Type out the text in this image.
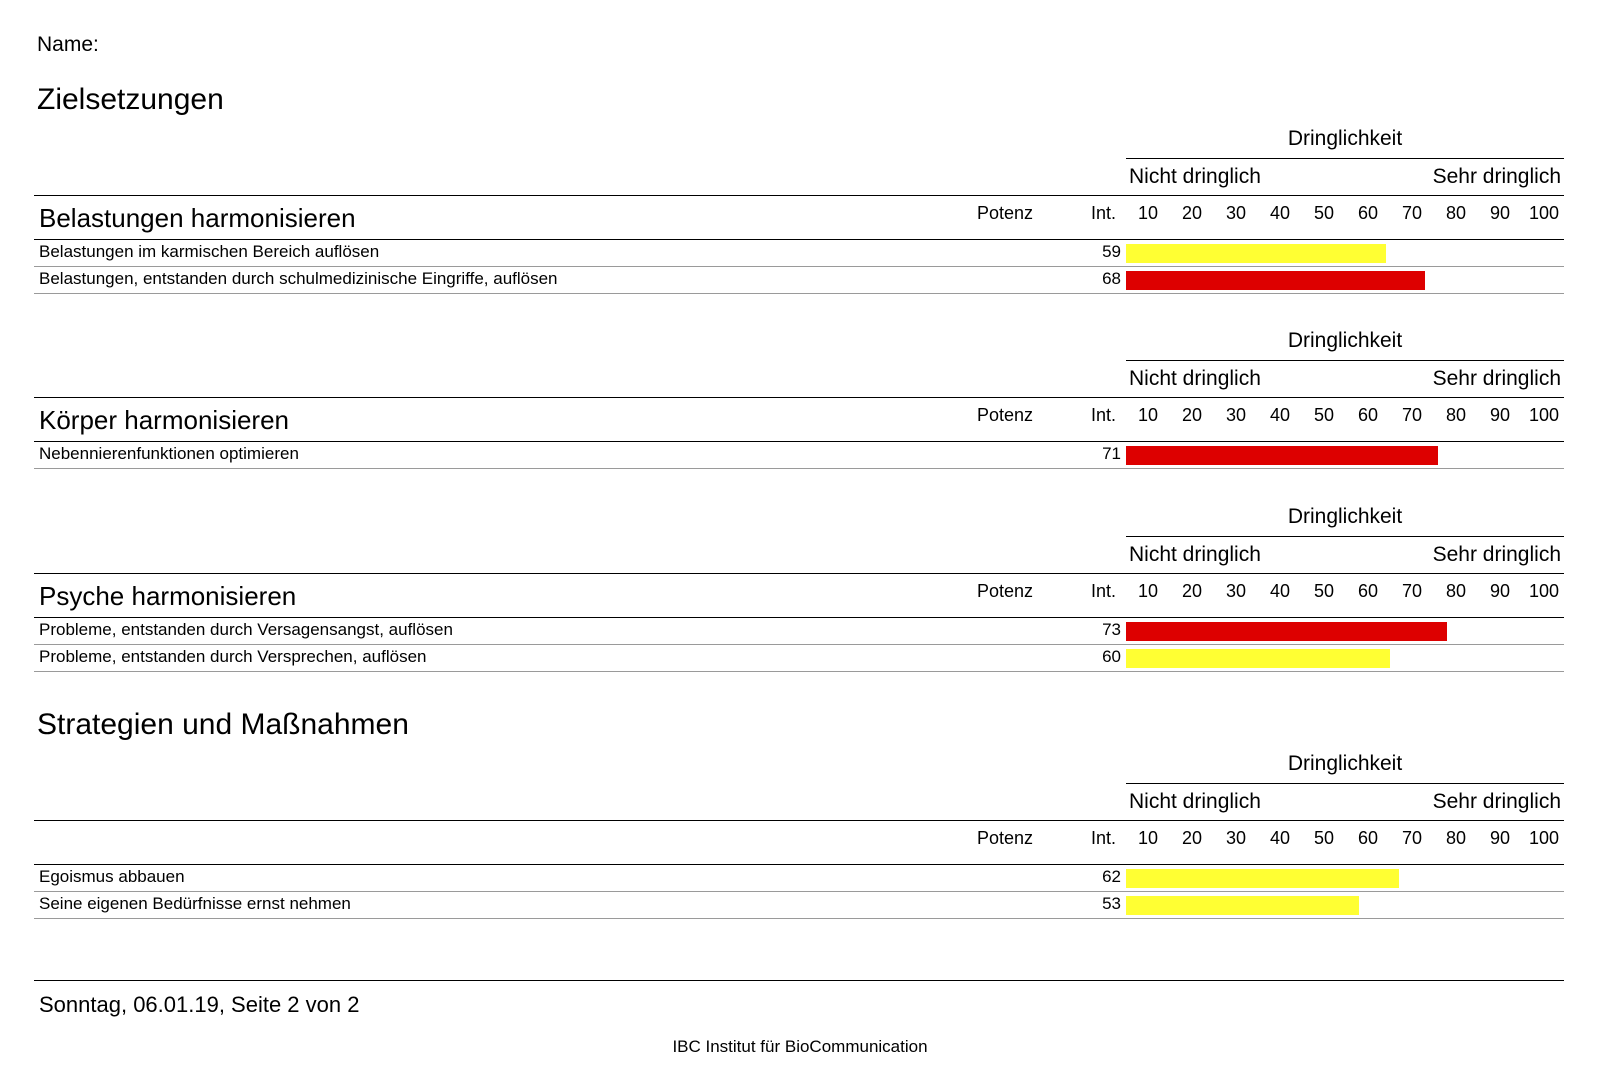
Name:
Zielsetzungen
Strategien und Maßnahmen
Dringlichkeit
Nicht dringlich	Sehr dringlich
Belastungen harmonisieren	Potenz	Int.	10	20	30	40	50	60	70	80	90	100
Belastungen im karmischen Bereich auflösen	59
Belastungen, entstanden durch schulmedizinische Eingriffe, auflösen	68
Dringlichkeit
Nicht dringlich	Sehr dringlich
Körper harmonisieren	Potenz	Int.	10	20	30	40	50	60	70	80	90	100
Nebennierenfunktionen optimieren	71
Dringlichkeit
Nicht dringlich	Sehr dringlich
Psyche harmonisieren	Potenz	Int.	10	20	30	40	50	60	70	80	90	100
Probleme, entstanden durch Versagensangst, auflösen	73
Probleme, entstanden durch Versprechen, auflösen	60
Dringlichkeit
Nicht dringlich	Sehr dringlich
Potenz	Int.	10	20	30	40	50	60	70	80	90	100
Egoismus abbauen	62
Seine eigenen Bedürfnisse ernst nehmen	53
Sonntag, 06.01.19, Seite 2 von 2
IBC Institut für BioCommunication
